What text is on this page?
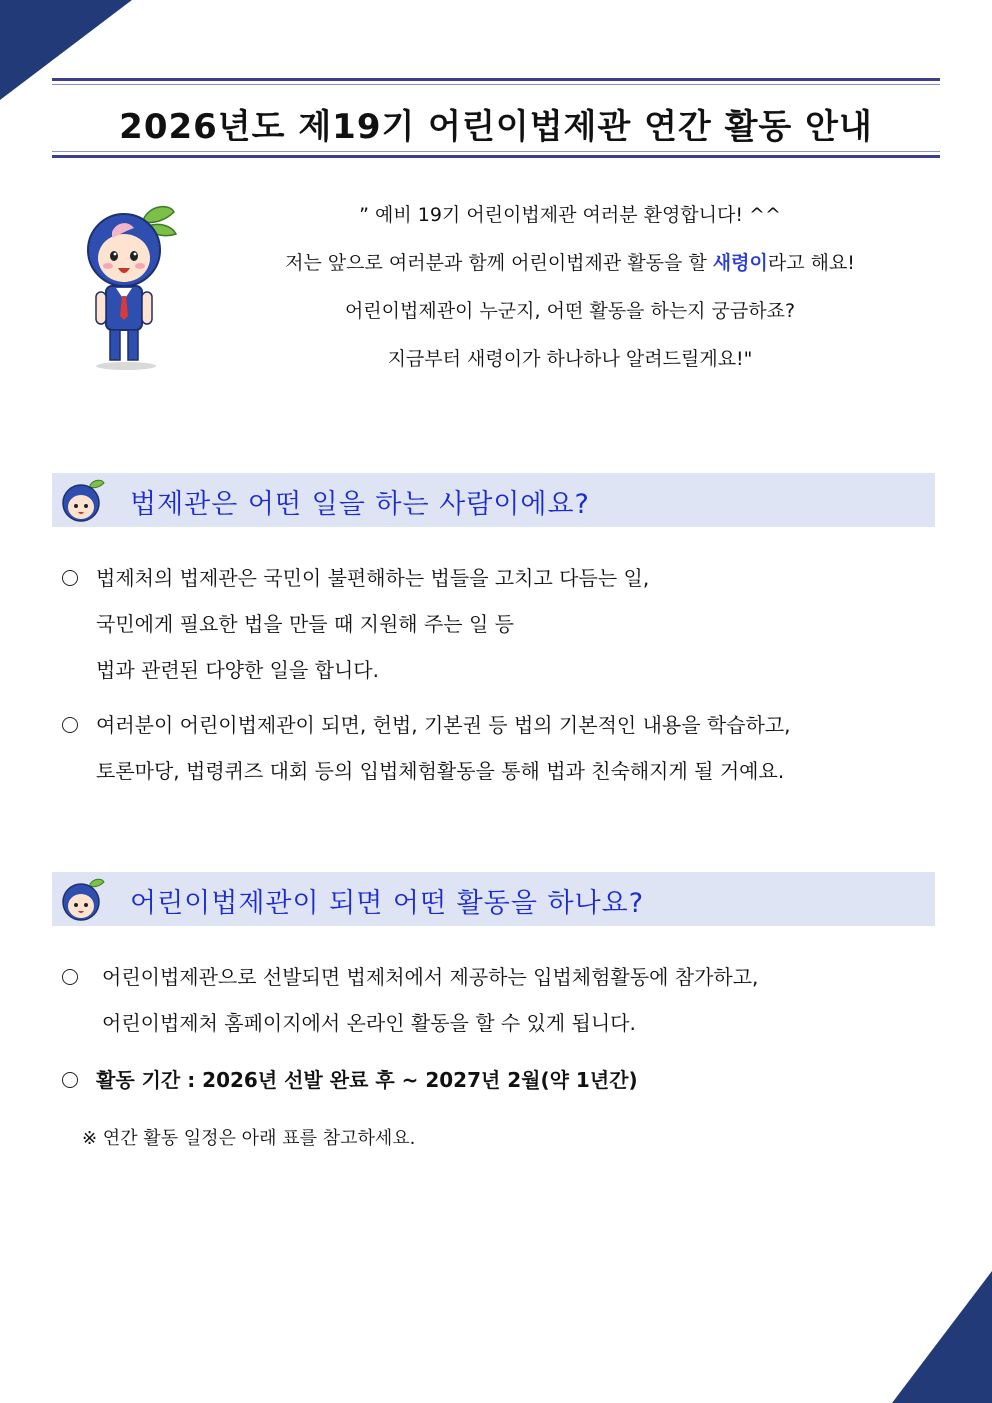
2026년도 제19기 어린이법제관 연간 활동 안내
” 예비 19기 어린이법제관 여러분 환영합니다! ^^
저는 앞으로 여러분과 함께 어린이법제관 활동을 할 새령이라고 해요!
어린이법제관이 누군지, 어떤 활동을 하는지 궁금하죠?
지금부터 새령이가 하나하나 알려드릴게요!"
법제관은 어떤 일을 하는 사람이에요?
법제처의 법제관은 국민이 불편해하는 법들을 고치고 다듬는 일,
국민에게 필요한 법을 만들 때 지원해 주는 일 등
법과 관련된 다양한 일을 합니다.
여러분이 어린이법제관이 되면, 헌법, 기본권 등 법의 기본적인 내용을 학습하고,
토론마당, 법령퀴즈 대회 등의 입법체험활동을 통해 법과 친숙해지게 될 거예요.
어린이법제관이 되면 어떤 활동을 하나요?
어린이법제관으로 선발되면 법제처에서 제공하는 입법체험활동에 참가하고,
어린이법제처 홈페이지에서 온라인 활동을 할 수 있게 됩니다.
활동 기간 : 2026년 선발 완료 후 ~ 2027년 2월(약 1년간)
※ 연간 활동 일정은 아래 표를 참고하세요.
